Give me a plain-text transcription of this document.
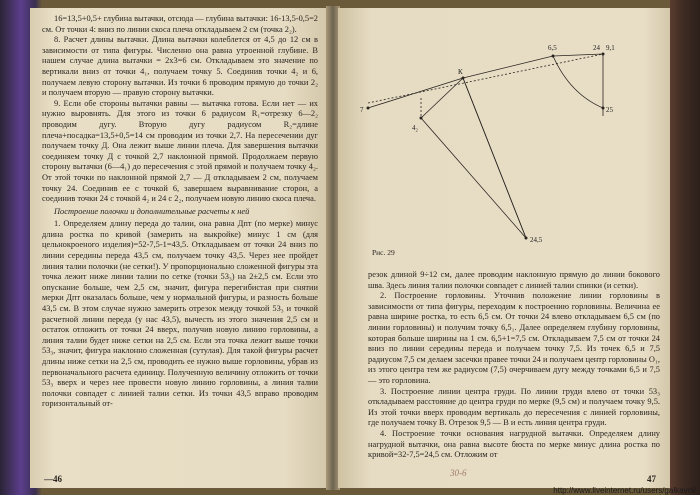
16=13,5+0,5+ глубина вытачки, отсюда — глубина вытачки: 16-13,5-0,5=2 см. От точки 4: вниз по линии скоса плеча откладываем 2 см (точка 2₂).

8. Расчет длины вытачки. Длина вытачки колеблется от 4,5 до 12 см в зависимости от типа фигуры. Численно она равна утроенной глубине. В нашем случае длина вытачки = 2х3=6 см. Откладываем это значение по вертикали вниз от точки 4₁, получаем точку 5. Соединив точки 4₂ и 6, получаем левую сторону вытачки. Из точки 6 проводим прямую до точки 2₂ и получаем вторую — правую сторону вытачки.

9. Если обе стороны вытачки равны — вытачка готова. Если нет — их нужно выровнять. Для этого из точки 6 радиусом R₁=отрезку 6—2₂ проводим дугу. Вторую дугу радиусом R₂=длине плеча+посадка=13,5+0,5=14 см проводим из точки 2,7. На пересечении дуг получаем точку Д. Она лежит выше линии плеча. Для завершения вытачки соединяем точку Д с точкой 2,7 наклонной прямой. Продолжаем первую сторону вытачки (6—4₁) до пересечения с этой прямой и получаем точку 4₂. От этой точки по наклонной прямой 2,7 — Д откладываем 2 см, получаем точку 24. Соединив ее с точкой 6, завершаем выравнивание сторон, а соединив точки 24 с точкой 4₂ и 24 с 2₂, получаем новую линию скоса плеча.

Построение полочки и дополнительные расчеты к ней

1. Определяем длину переда до талии, она равна Дпт (по мерке) минус длина ростка по кривой (замерить на выкройке) минус 1 см (для цельнокроеного изделия)=52-7,5-1=43,5. Откладываем от точки 24 вниз по линии середины переда 43,5 см, получаем точку 43,5. Через нее пройдет линия талии полочки (не сетки!). У пропорционально сложенной фигуры эта точка лежит ниже линии талии по сетке (точки 53₃) на 2±2,5 см. Если это опускание больше, чем 2,5 см, значит, фигура перегибистая при снятии мерки Дпт оказалась больше, чем у нормальной фигуры, и разность больше 43,5 см. В этом случае нужно замерить отрезок между точкой 53₃ и точкой расчетной линии переда (у нас 43,5), вычесть из этого значения 2,5 см и остаток отложить от точки 24 вверх, получив новую линию горловины, а линия талии будет ниже сетки на 2,5 см. Если эта точка лежит выше точки 53₃, значит, фигура наклонно сложенная (сутулая). Для такой фигуры расчет длины ниже сетки на 2,5 см, проводить ее нужно выше горловины, убрав из первоначального расчета единицу. Полученную величину отложить от точки 53₃ вверх и через нее провести новую линию горловины, а линия талии полочки совпадет с линией талии сетки. Из точки 43,5 вправо проводим горизонтальный от-

—46
К
6,5	24 9,1
25
4₂
24,5
7
Рис. 29

резок длиной 9÷12 см, далее проводим наклонную прямую до линии бокового шва. Здесь линия талии полочки совпадет с линией талии спинки (и сетки).

2. Построение горловины. Уточнив положение линии горловины в зависимости от типа фигуры, переходим к построению горловины. Величина ее равна ширине ростка, то есть 6,5 см. От точки 24 влево откладываем 6,5 см (по линии горловины) и получим точку 6,5₁. Далее определяем глубину горловины, которая больше ширины на 1 см. 6,5+1=7,5 см. Откладываем 7,5 см от точки 24 вниз по линии середины переда и получаем точку 7,5. Из точек 6,5 и 7,5 радиусом 7,5 см делаем засечки правее точки 24 и получаем центр горловины О₁, из этого центра тем же радиусом (7,5) очерчиваем дугу между точками 6,5 и 7,5 — это горловина.

3. Построение линии центра груди. По линии груди влево от точки 53₃ откладываем расстояние до центра груди по мерке (9,5 см) и получаем точку 9,5. Из этой точки вверх проводим вертикаль до пересечения с линией горловины, где получаем точку В. Отрезок 9,5 — В и есть линия центра груди.

4. Построение точки основания нагрудной вытачки. Определяем длину нагрудной вытачки, она равна высоте бюста по мерке минус длина ростка по кривой=32-7,5=24,5 см. Отложим от

30-6
47
http://www.liveinternet.ru/users/galkavol/
